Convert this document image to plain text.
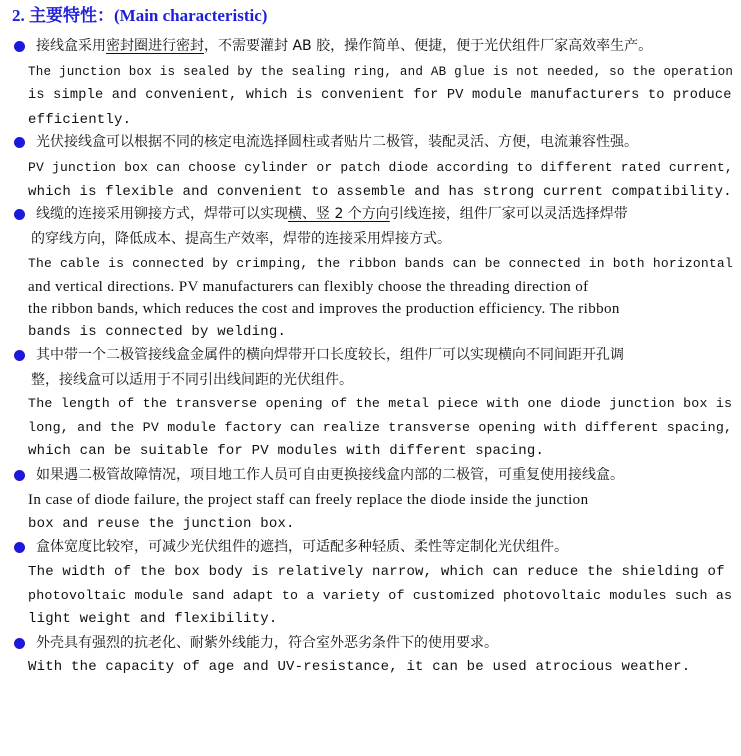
2. 主要特性：(Main characteristic)
接线盒采用密封圈进行密封，不需要灌封 AB 胶，操作简单、便捷，便于光伏组件厂家高效率生产。
The junction box is sealed by the sealing ring, and AB glue is not needed, so the operation
is simple and convenient, which is convenient for PV module manufacturers to produce
efficiently.
光伏接线盒可以根据不同的核定电流选择圆柱或者贴片二极管，装配灵活、方便，电流兼容性强。
PV junction box can choose cylinder or patch diode according to different rated current,
which is flexible and convenient to assemble and has strong current compatibility.
线缆的连接采用铆接方式，焊带可以实现横、竖 2 个方向引线连接，组件厂家可以灵活选择焊带
的穿线方向，降低成本、提高生产效率，焊带的连接采用焊接方式。
The cable is connected by crimping, the ribbon bands can be connected in both horizontal
and vertical directions. PV manufacturers can flexibly choose the threading direction of
the ribbon bands, which reduces the cost and improves the production efficiency. The ribbon
bands is connected by welding.
其中带一个二极管接线盒金属件的横向焊带开口长度较长，组件厂可以实现横向不同间距开孔调
整，接线盒可以适用于不同引出线间距的光伏组件。
The length of the transverse opening of the metal piece with one diode junction box is
long, and the PV module factory can realize transverse opening with different spacing,
which can be suitable for PV modules with different spacing.
如果遇二极管故障情况，项目地工作人员可自由更换接线盒内部的二极管，可重复使用接线盒。
In case of diode failure, the project staff can freely replace the diode inside the junction
box and reuse the junction box.
盒体宽度比较窄，可减少光伏组件的遮挡，可适配多种轻质、柔性等定制化光伏组件。
The width of the box body is relatively narrow, which can reduce the shielding of
photovoltaic module sand adapt to a variety of customized photovoltaic modules such as
light weight and flexibility.
外壳具有强烈的抗老化、耐紫外线能力，符合室外恶劣条件下的使用要求。
With the capacity of age and UV-resistance, it can be used atrocious weather.
